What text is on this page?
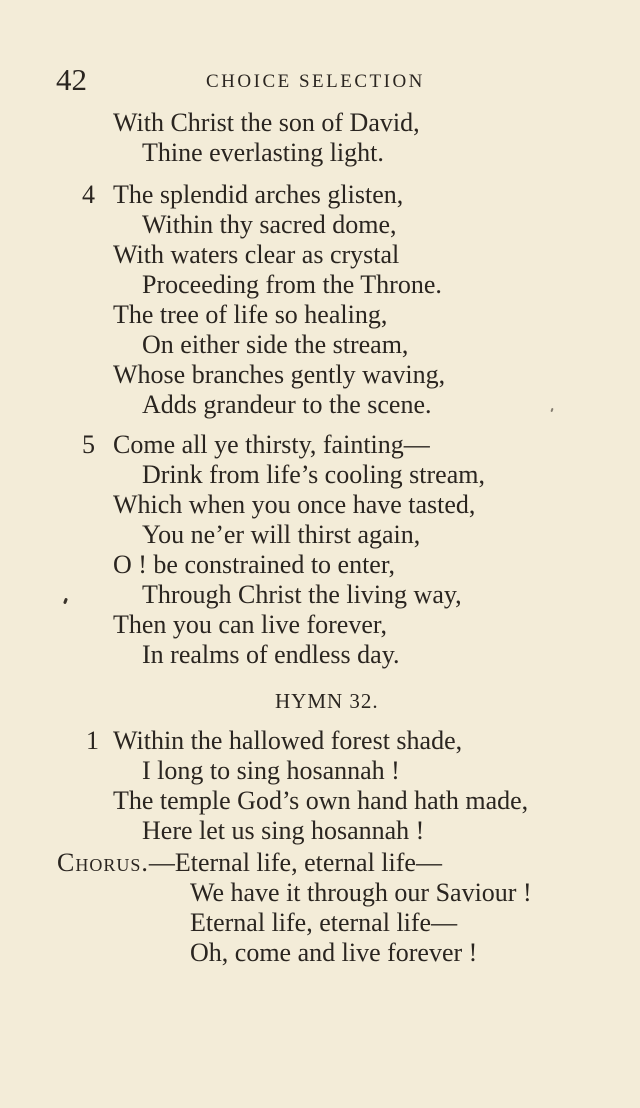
42	CHOICE SELECTION
With Christ the son of David,
Thine everlasting light.
4 The splendid arches glisten,
Within thy sacred dome,
With waters clear as crystal
Proceeding from the Throne.
The tree of life so healing,
On either side the stream,
Whose branches gently waving,
Adds grandeur to the scene.
5 Come all ye thirsty, fainting—
Drink from life’s cooling stream,
Which when you once have tasted,
You ne’er will thirst again,
O ! be constrained to enter,
Through Christ the living way,
Then you can live forever,
In realms of endless day.
HYMN 32.
1 Within the hallowed forest shade,
I long to sing hosannah !
The temple God’s own hand hath made,
Here let us sing hosannah !
Chorus.—Eternal life, eternal life—
We have it through our Saviour !
Eternal life, eternal life—
Oh, come and live forever !
